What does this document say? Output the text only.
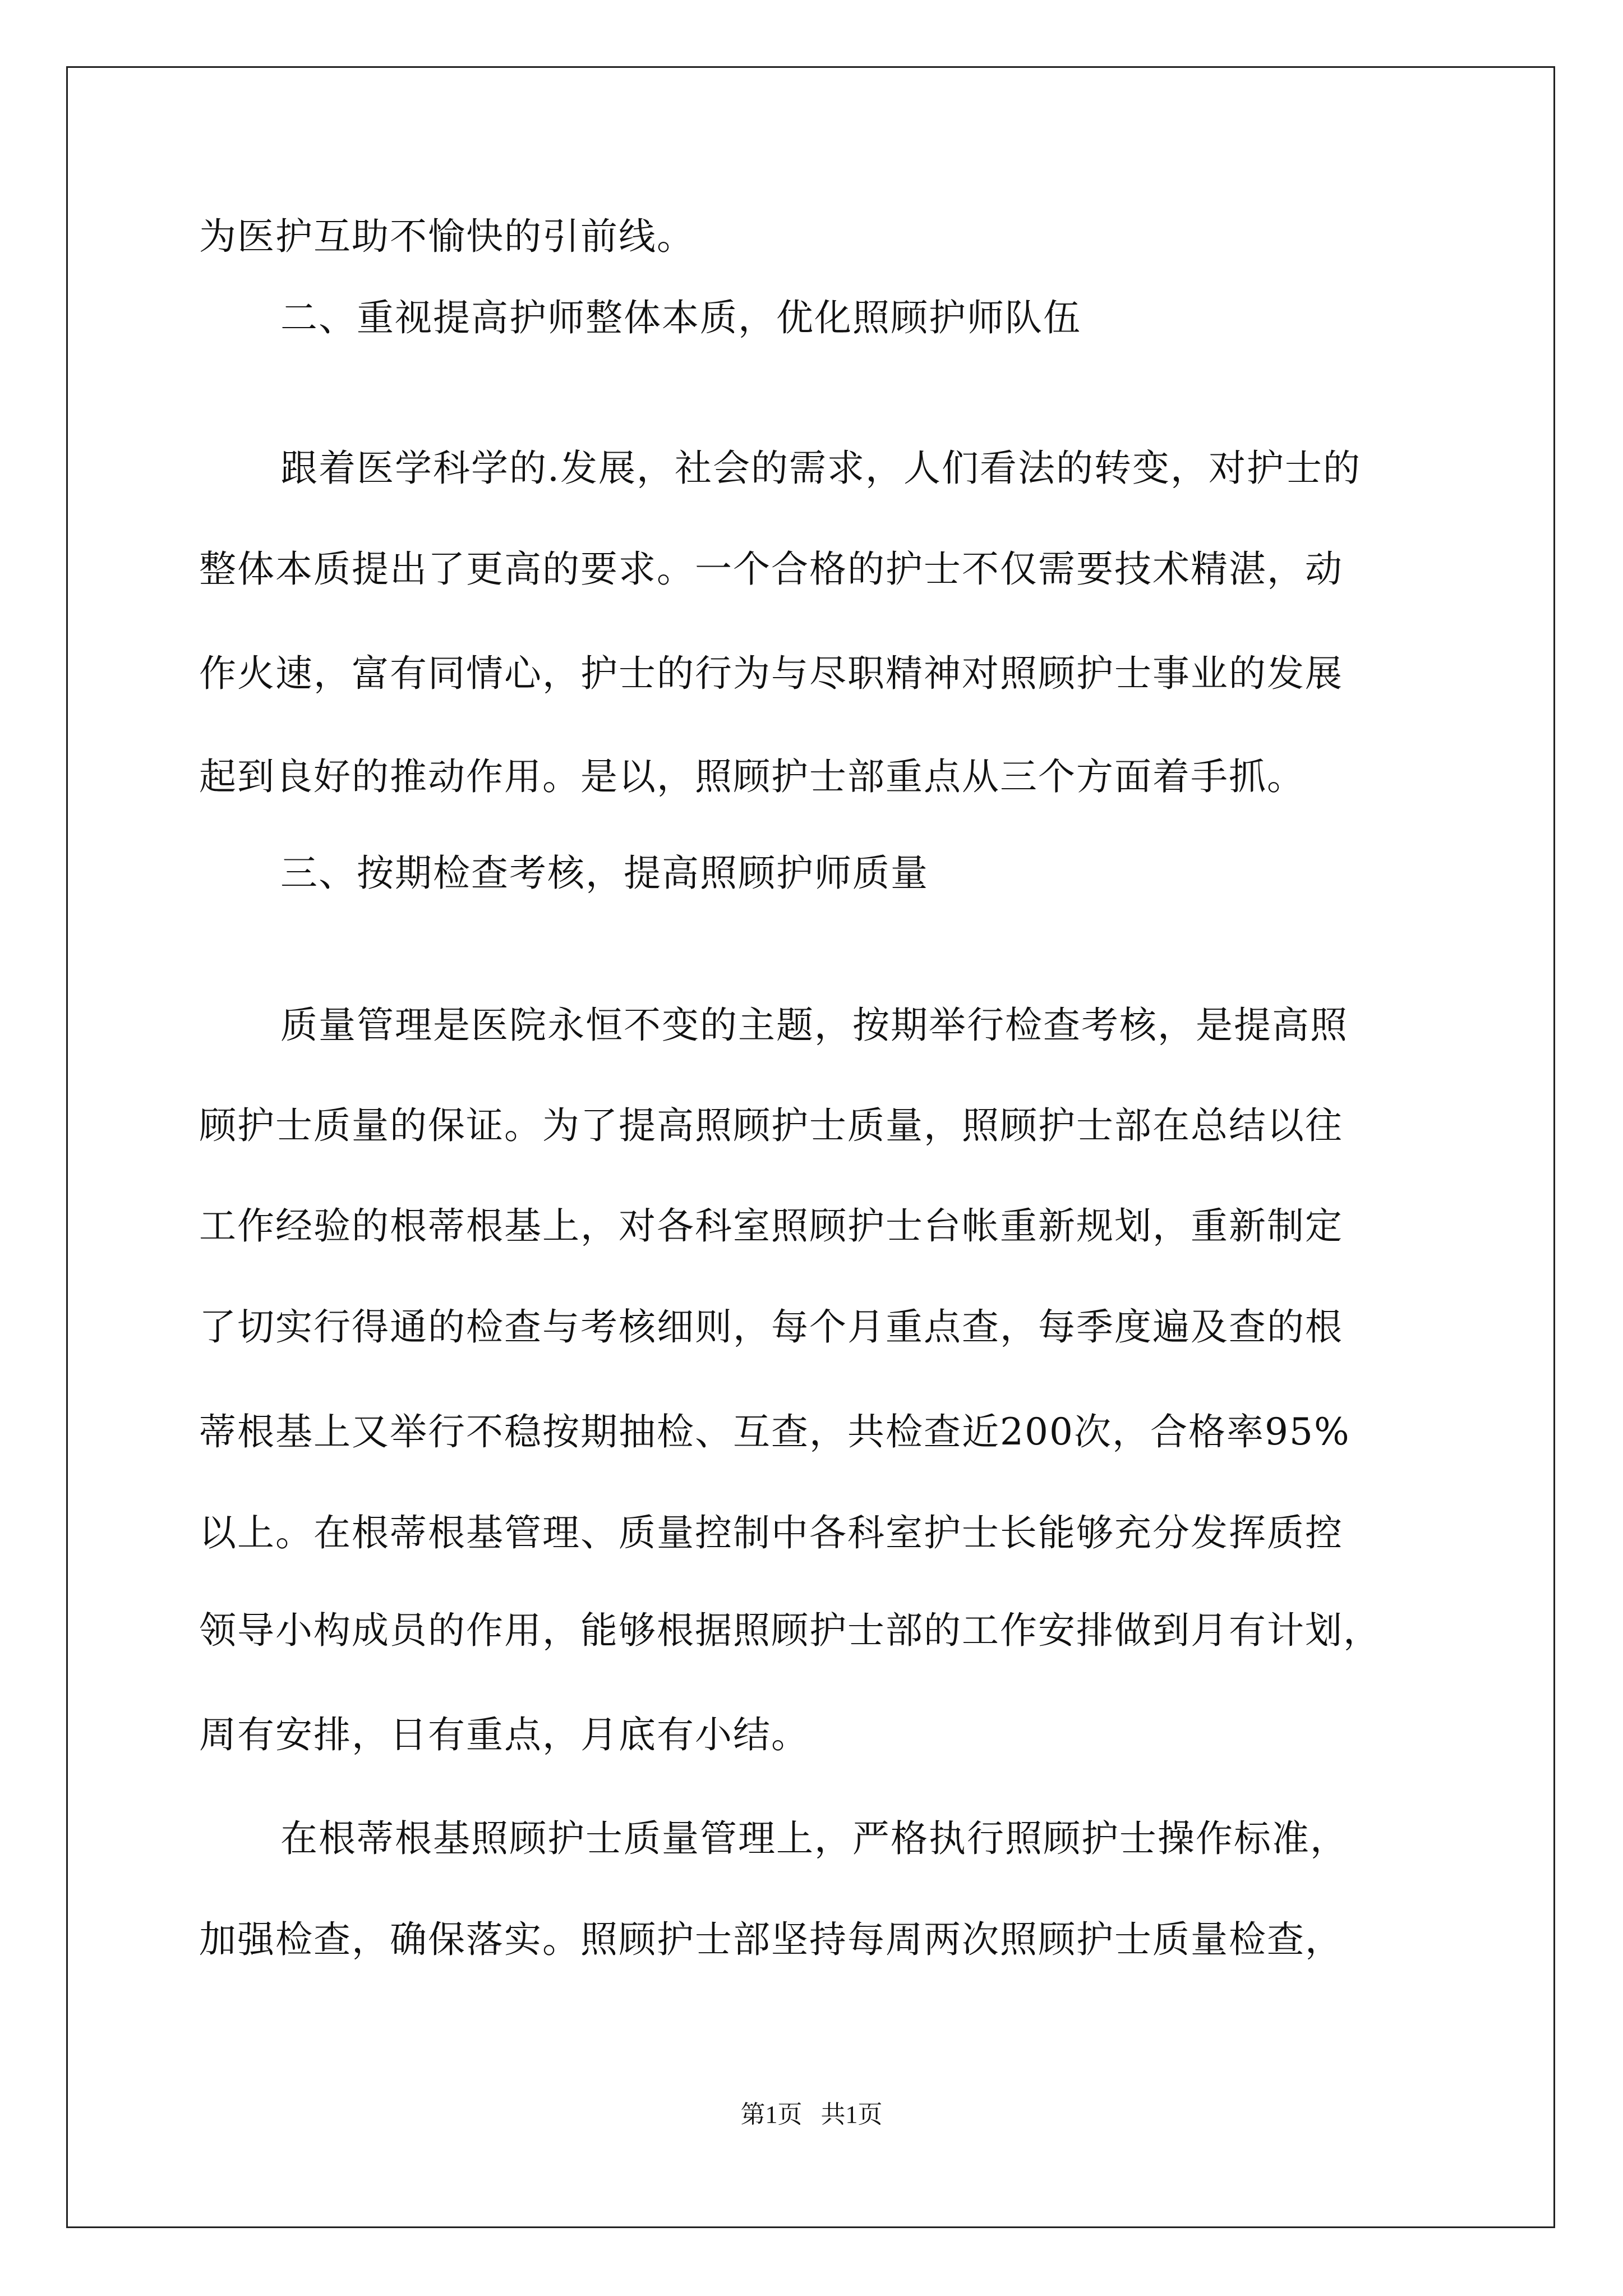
为医护互助不愉快的引前线。
二、重视提高护师整体本质，优化照顾护师队伍
跟着医学科学的.发展，社会的需求，人们看法的转变，对护士的
整体本质提出了更高的要求。一个合格的护士不仅需要技术精湛，动
作火速，富有同情心，护士的行为与尽职精神对照顾护士事业的发展
起到良好的推动作用。是以，照顾护士部重点从三个方面着手抓。
三、按期检查考核，提高照顾护师质量
质量管理是医院永恒不变的主题，按期举行检查考核，是提高照
顾护士质量的保证。为了提高照顾护士质量，照顾护士部在总结以往
工作经验的根蒂根基上，对各科室照顾护士台帐重新规划，重新制定
了切实行得通的检查与考核细则，每个月重点查，每季度遍及查的根
蒂根基上又举行不稳按期抽检、互查，共检查近200次，合格率95%
以上。在根蒂根基管理、质量控制中各科室护士长能够充分发挥质控
领导小构成员的作用，能够根据照顾护士部的工作安排做到月有计划，
周有安排，日有重点，月底有小结。
在根蒂根基照顾护士质量管理上，严格执行照顾护士操作标准，
加强检查，确保落实。照顾护士部坚持每周两次照顾护士质量检查，
第1页 共1页
